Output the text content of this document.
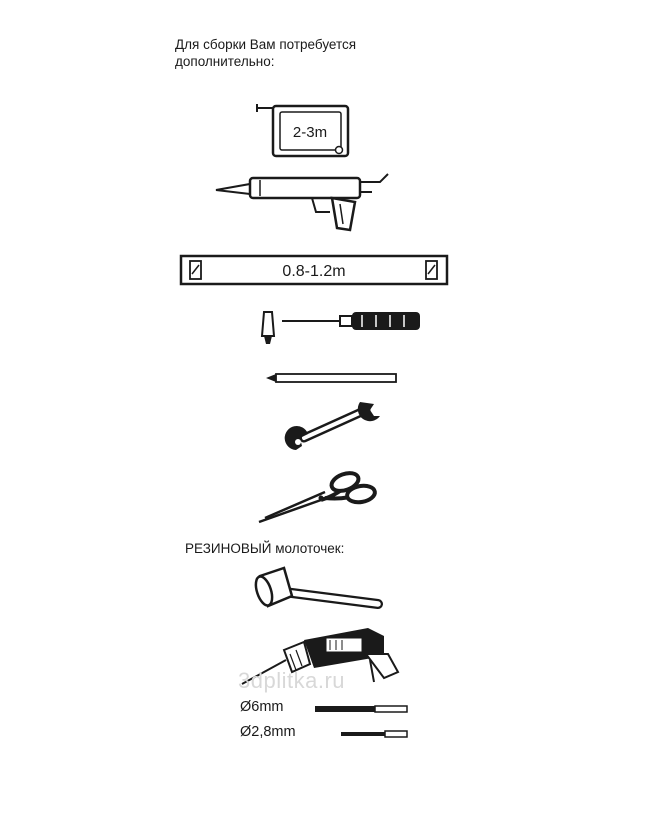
Для сборки Вам потребуется
дополнительно:
2-3m
0.8-1.2m
РЕЗИНОВЫЙ молоточек:
3dplitka.ru
Ø6mm
Ø2,8mm
